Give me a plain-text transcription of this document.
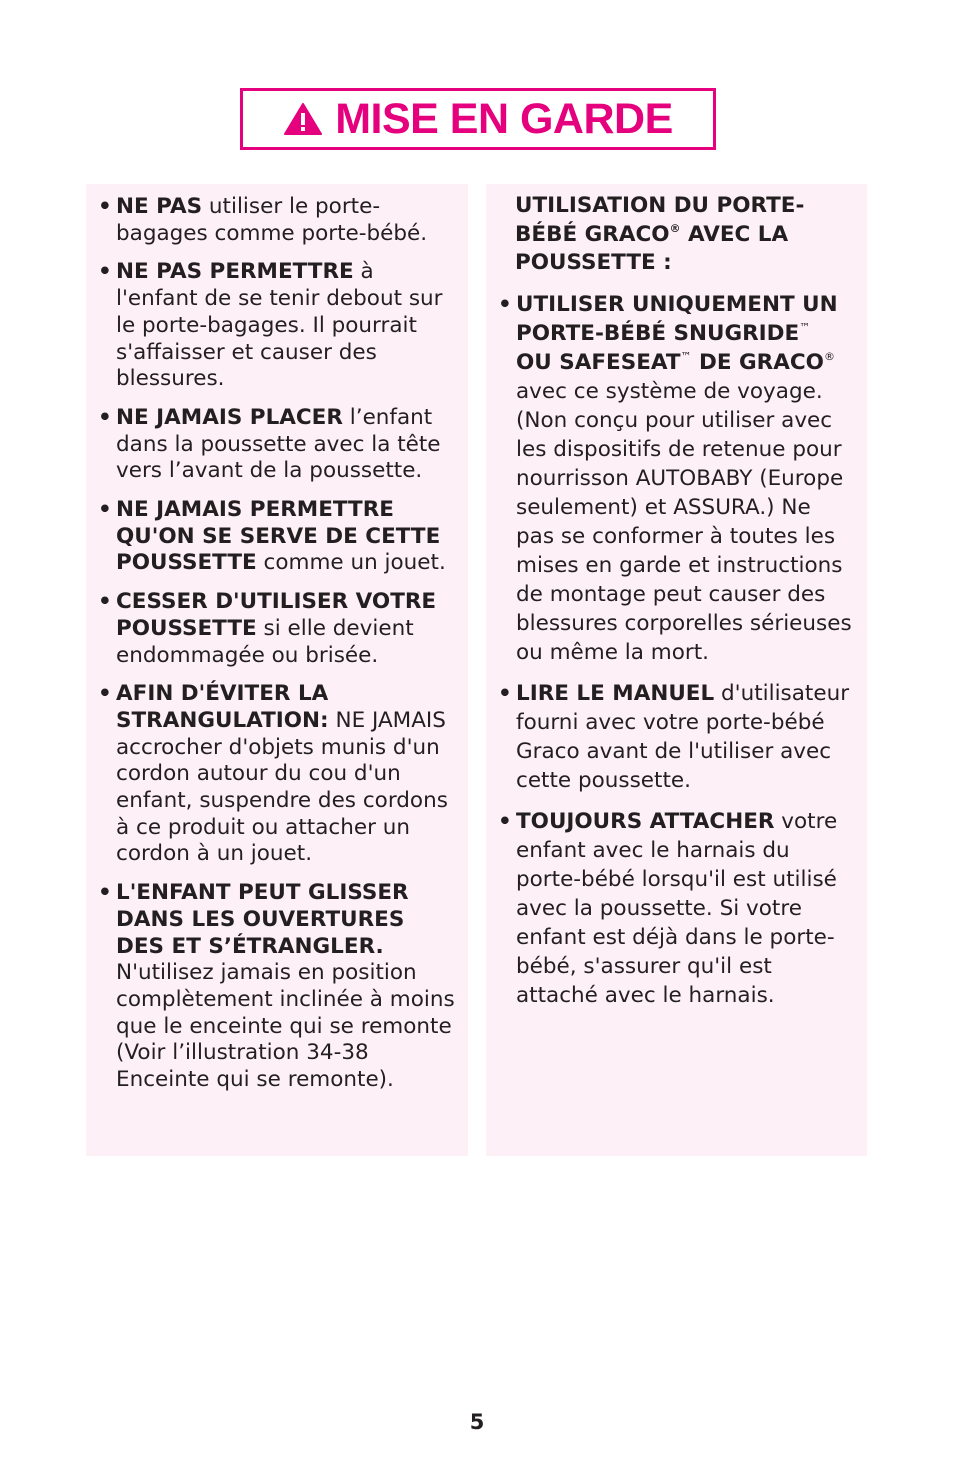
MISE EN GARDE

• NE PAS utiliser le porte-bagages comme porte-bébé.

• NE PAS PERMETTRE à l'enfant de se tenir debout sur le porte-bagages. Il pourrait s'affaisser et causer des blessures.

• NE JAMAIS PLACER l’enfant dans la poussette avec la tête vers l’avant de la poussette.

• NE JAMAIS PERMETTRE QU'ON SE SERVE DE CETTE POUSSETTE comme un jouet.

• CESSER D'UTILISER VOTRE POUSSETTE si elle devient endommagée ou brisée.

• AFIN D'ÉVITER LA STRANGULATION: NE JAMAIS accrocher d'objets munis d'un cordon autour du cou d'un enfant, suspendre des cordons à ce produit ou attacher un cordon à un jouet.

• L'ENFANT PEUT GLISSER DANS LES OUVERTURES DES ET S’ÉTRANGLER. N'utilisez jamais en position complètement inclinée à moins que le enceinte qui se remonte (Voir l’illustration 34-38 Enceinte qui se remonte).

UTILISATION DU PORTE-BÉBÉ GRACO® AVEC LA POUSSETTE :

• UTILISER UNIQUEMENT UN PORTE-BÉBÉ SNUGRIDE™ OU SAFESEAT™ DE GRACO® avec ce système de voyage. (Non conçu pour utiliser avec les dispositifs de retenue pour nourrisson AUTOBABY (Europe seulement) et ASSURA.) Ne pas se conformer à toutes les mises en garde et instructions de montage peut causer des blessures corporelles sérieuses ou même la mort.

• LIRE LE MANUEL d'utilisateur fourni avec votre porte-bébé Graco avant de l'utiliser avec cette poussette.

• TOUJOURS ATTACHER votre enfant avec le harnais du porte-bébé lorsqu'il est utilisé avec la poussette. Si votre enfant est déjà dans le porte-bébé, s'assurer qu'il est attaché avec le harnais.

5
